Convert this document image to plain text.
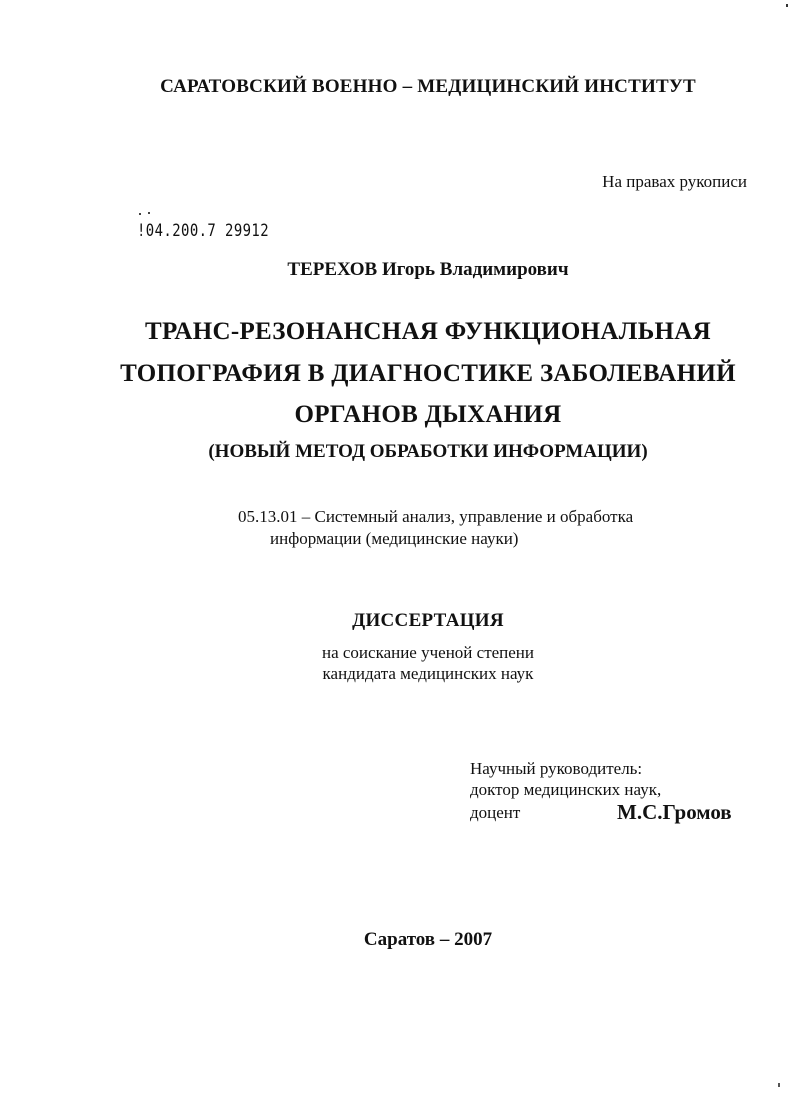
САРАТОВСКИЙ ВОЕННО – МЕДИЦИНСКИЙ ИНСТИТУТ
На правах рукописи
!04.200.7 29912
ТЕРЕХОВ Игорь Владимирович
ТРАНС-РЕЗОНАНСНАЯ ФУНКЦИОНАЛЬНАЯ
ТОПОГРАФИЯ В ДИАГНОСТИКЕ ЗАБОЛЕВАНИЙ
ОРГАНОВ ДЫХАНИЯ
(НОВЫЙ МЕТОД ОБРАБОТКИ ИНФОРМАЦИИ)
05.13.01 – Системный анализ, управление и обработка
информации (медицинские науки)
ДИССЕРТАЦИЯ
на соискание ученой степени
кандидата медицинских наук
Научный руководитель:
доктор медицинских наук,
доцент	М.С.Громов
Саратов – 2007
